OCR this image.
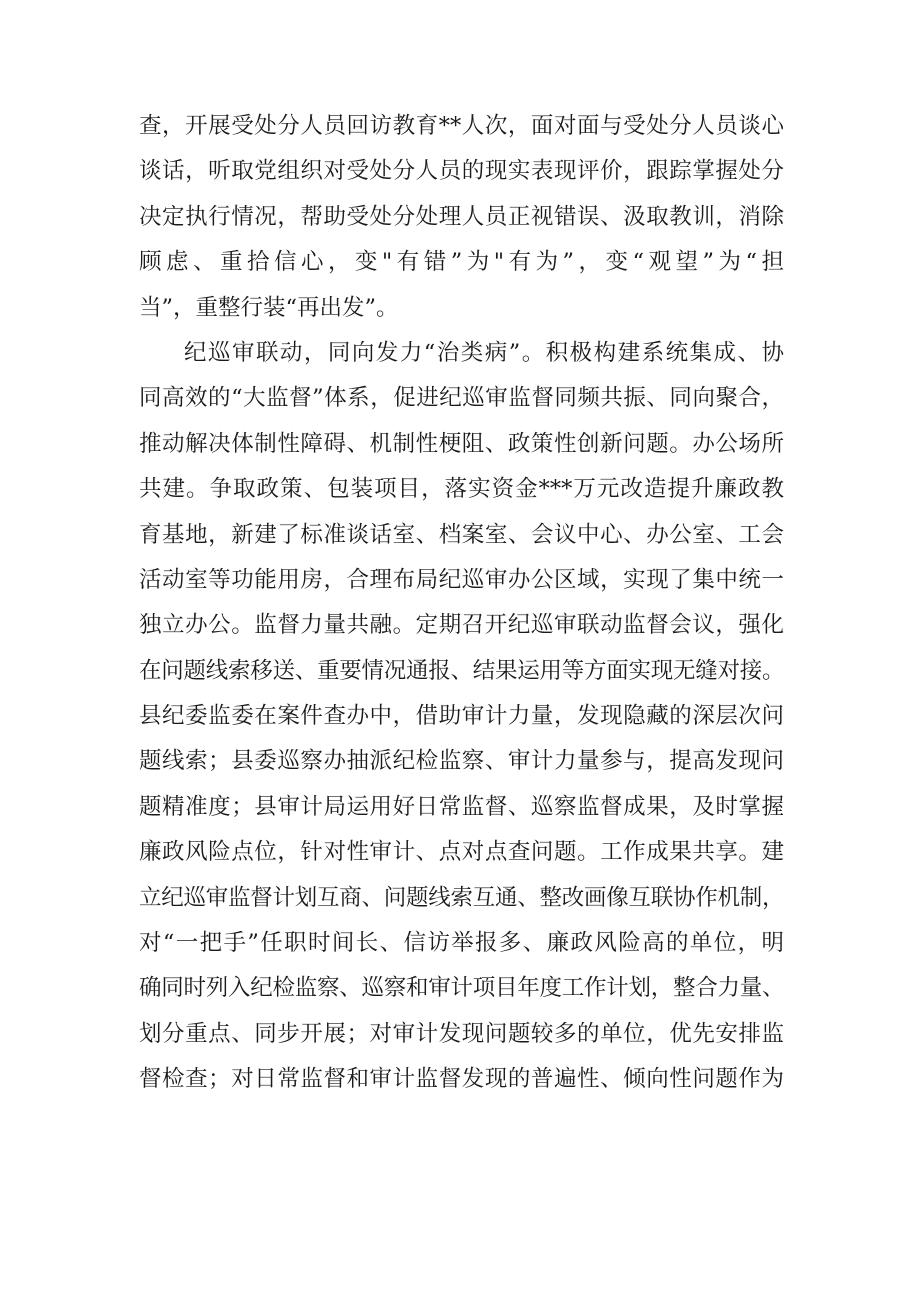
查，开展受处分人员回访教育**人次，面对面与受处分人员谈心
谈话，听取党组织对受处分人员的现实表现评价，跟踪掌握处分
决定执行情况，帮助受处分处理人员正视错误、汲取教训，消除
顾虑、重拾信心，变"有错”为"有为”，变“观望”为“担
当”，重整行装“再出发”。
纪巡审联动，同向发力“治类病”。积极构建系统集成、协
同高效的“大监督”体系，促进纪巡审监督同频共振、同向聚合，
推动解决体制性障碍、机制性梗阻、政策性创新问题。办公场所
共建。争取政策、包装项目，落实资金***万元改造提升廉政教
育基地，新建了标准谈话室、档案室、会议中心、办公室、工会
活动室等功能用房，合理布局纪巡审办公区域，实现了集中统一
独立办公。监督力量共融。定期召开纪巡审联动监督会议，强化
在问题线索移送、重要情况通报、结果运用等方面实现无缝对接。
县纪委监委在案件查办中，借助审计力量，发现隐藏的深层次问
题线索；县委巡察办抽派纪检监察、审计力量参与，提高发现问
题精准度；县审计局运用好日常监督、巡察监督成果，及时掌握
廉政风险点位，针对性审计、点对点查问题。工作成果共享。建
立纪巡审监督计划互商、问题线索互通、整改画像互联协作机制，
对“一把手”任职时间长、信访举报多、廉政风险高的单位，明
确同时列入纪检监察、巡察和审计项目年度工作计划，整合力量、
划分重点、同步开展；对审计发现问题较多的单位，优先安排监
督检查；对日常监督和审计监督发现的普遍性、倾向性问题作为
